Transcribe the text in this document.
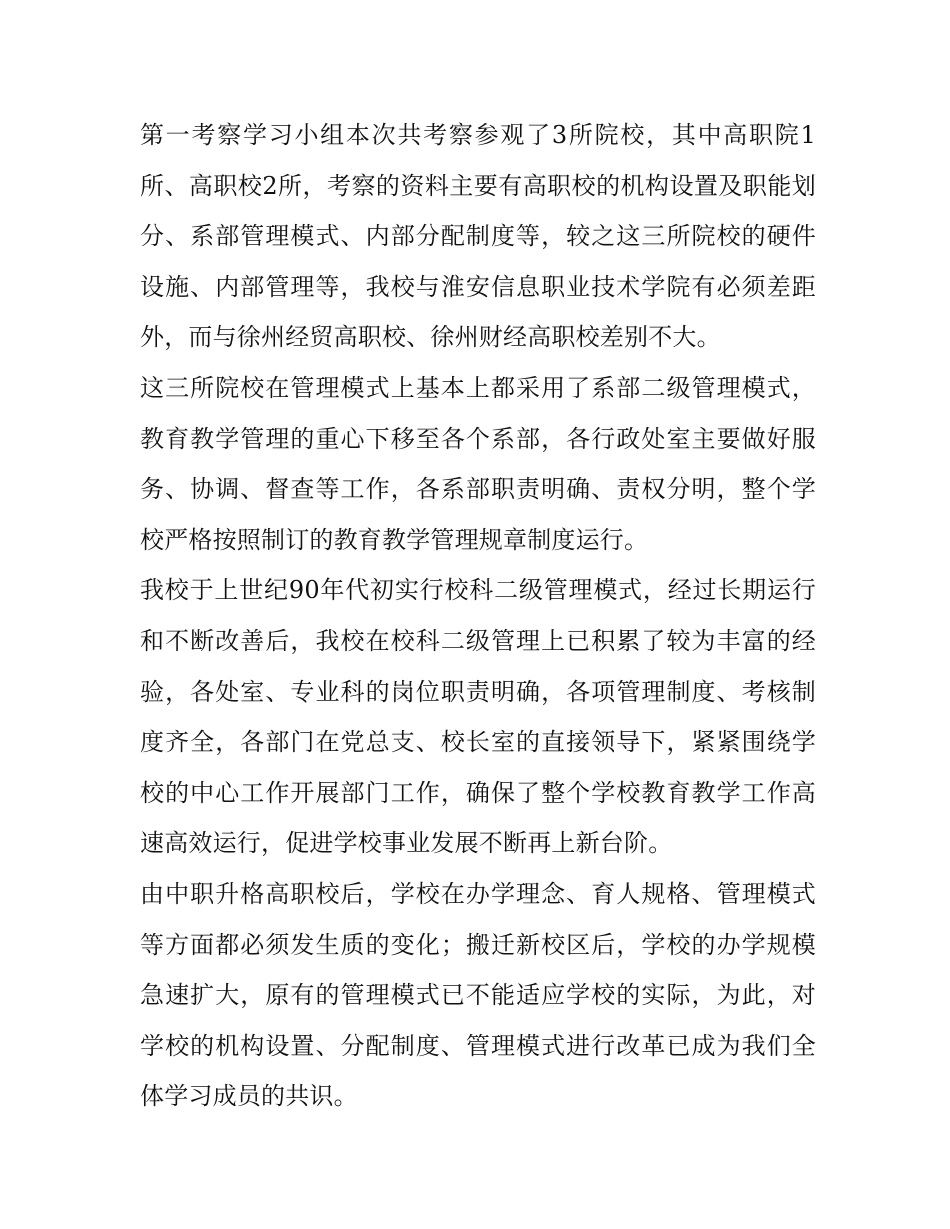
第一考察学习小组本次共考察参观了3所院校，其中高职院1所、高职校2所，考察的资料主要有高职校的机构设置及职能划分、系部管理模式、内部分配制度等，较之这三所院校的硬件设施、内部管理等，我校与淮安信息职业技术学院有必须差距外，而与徐州经贸高职校、徐州财经高职校差别不大。

这三所院校在管理模式上基本上都采用了系部二级管理模式，教育教学管理的重心下移至各个系部，各行政处室主要做好服务、协调、督查等工作，各系部职责明确、责权分明，整个学校严格按照制订的教育教学管理规章制度运行。

我校于上世纪90年代初实行校科二级管理模式，经过长期运行和不断改善后，我校在校科二级管理上已积累了较为丰富的经验，各处室、专业科的岗位职责明确，各项管理制度、考核制度齐全，各部门在党总支、校长室的直接领导下，紧紧围绕学校的中心工作开展部门工作，确保了整个学校教育教学工作高速高效运行，促进学校事业发展不断再上新台阶。

由中职升格高职校后，学校在办学理念、育人规格、管理模式等方面都必须发生质的变化；搬迁新校区后，学校的办学规模急速扩大，原有的管理模式已不能适应学校的实际，为此，对学校的机构设置、分配制度、管理模式进行改革已成为我们全体学习成员的共识。
